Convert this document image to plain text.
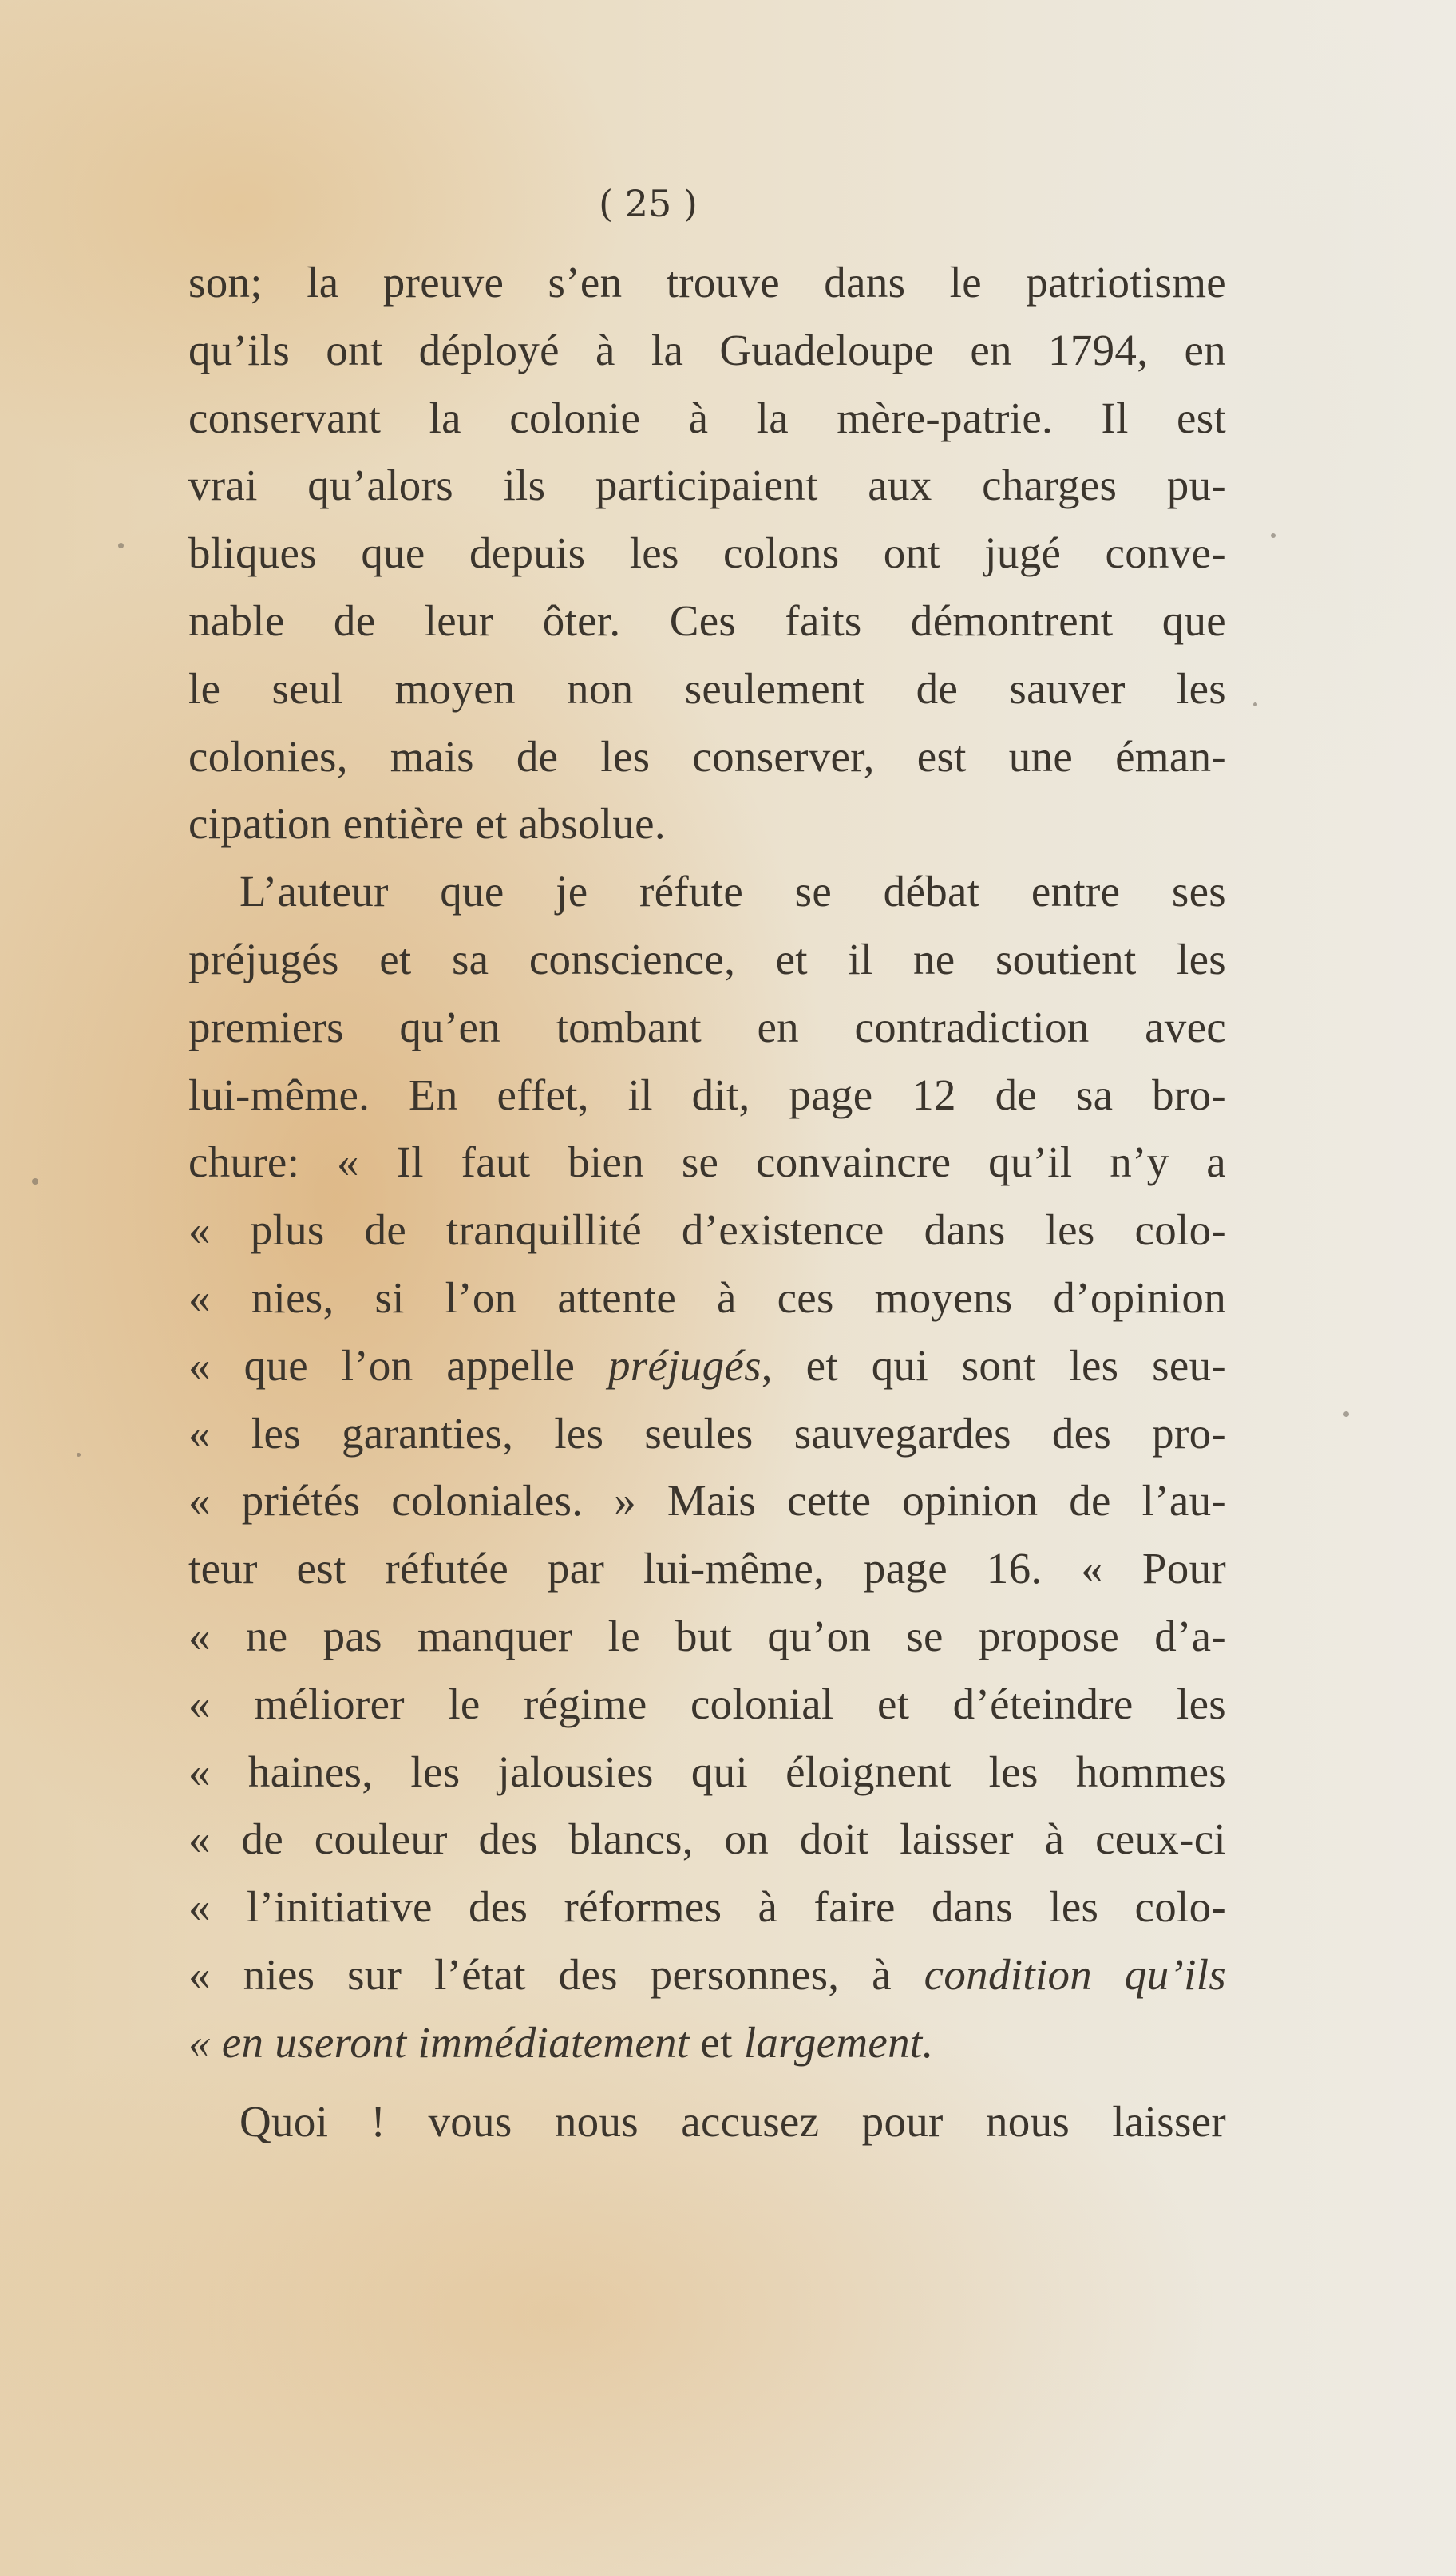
( 25 )
son; la preuve s’en trouve dans le patriotisme
qu’ils ont déployé à la Guadeloupe en 1794, en
conservant la colonie à la mère-patrie. Il est
vrai qu’alors ils participaient aux charges pu-
bliques que depuis les colons ont jugé conve-
nable de leur ôter. Ces faits démontrent que
le seul moyen non seulement de sauver les
colonies, mais de les conserver, est une éman-
cipation entière et absolue.
L’auteur que je réfute se débat entre ses
préjugés et sa conscience, et il ne soutient les
premiers qu’en tombant en contradiction avec
lui-même. En effet, il dit, page 12 de sa bro-
chure: « Il faut bien se convaincre qu’il n’y a
« plus de tranquillité d’existence dans les colo-
« nies, si l’on attente à ces moyens d’opinion
« que l’on appelle préjugés, et qui sont les seu-
« les garanties, les seules sauvegardes des pro-
« priétés coloniales. » Mais cette opinion de l’au-
teur est réfutée par lui-même, page 16. « Pour
« ne pas manquer le but qu’on se propose d’a-
« méliorer le régime colonial et d’éteindre les
« haines, les jalousies qui éloignent les hommes
« de couleur des blancs, on doit laisser à ceux-ci
« l’initiative des réformes à faire dans les colo-
« nies sur l’état des personnes, à condition qu’ils
« en useront immédiatement et largement.
Quoi ! vous nous accusez pour nous laisser
